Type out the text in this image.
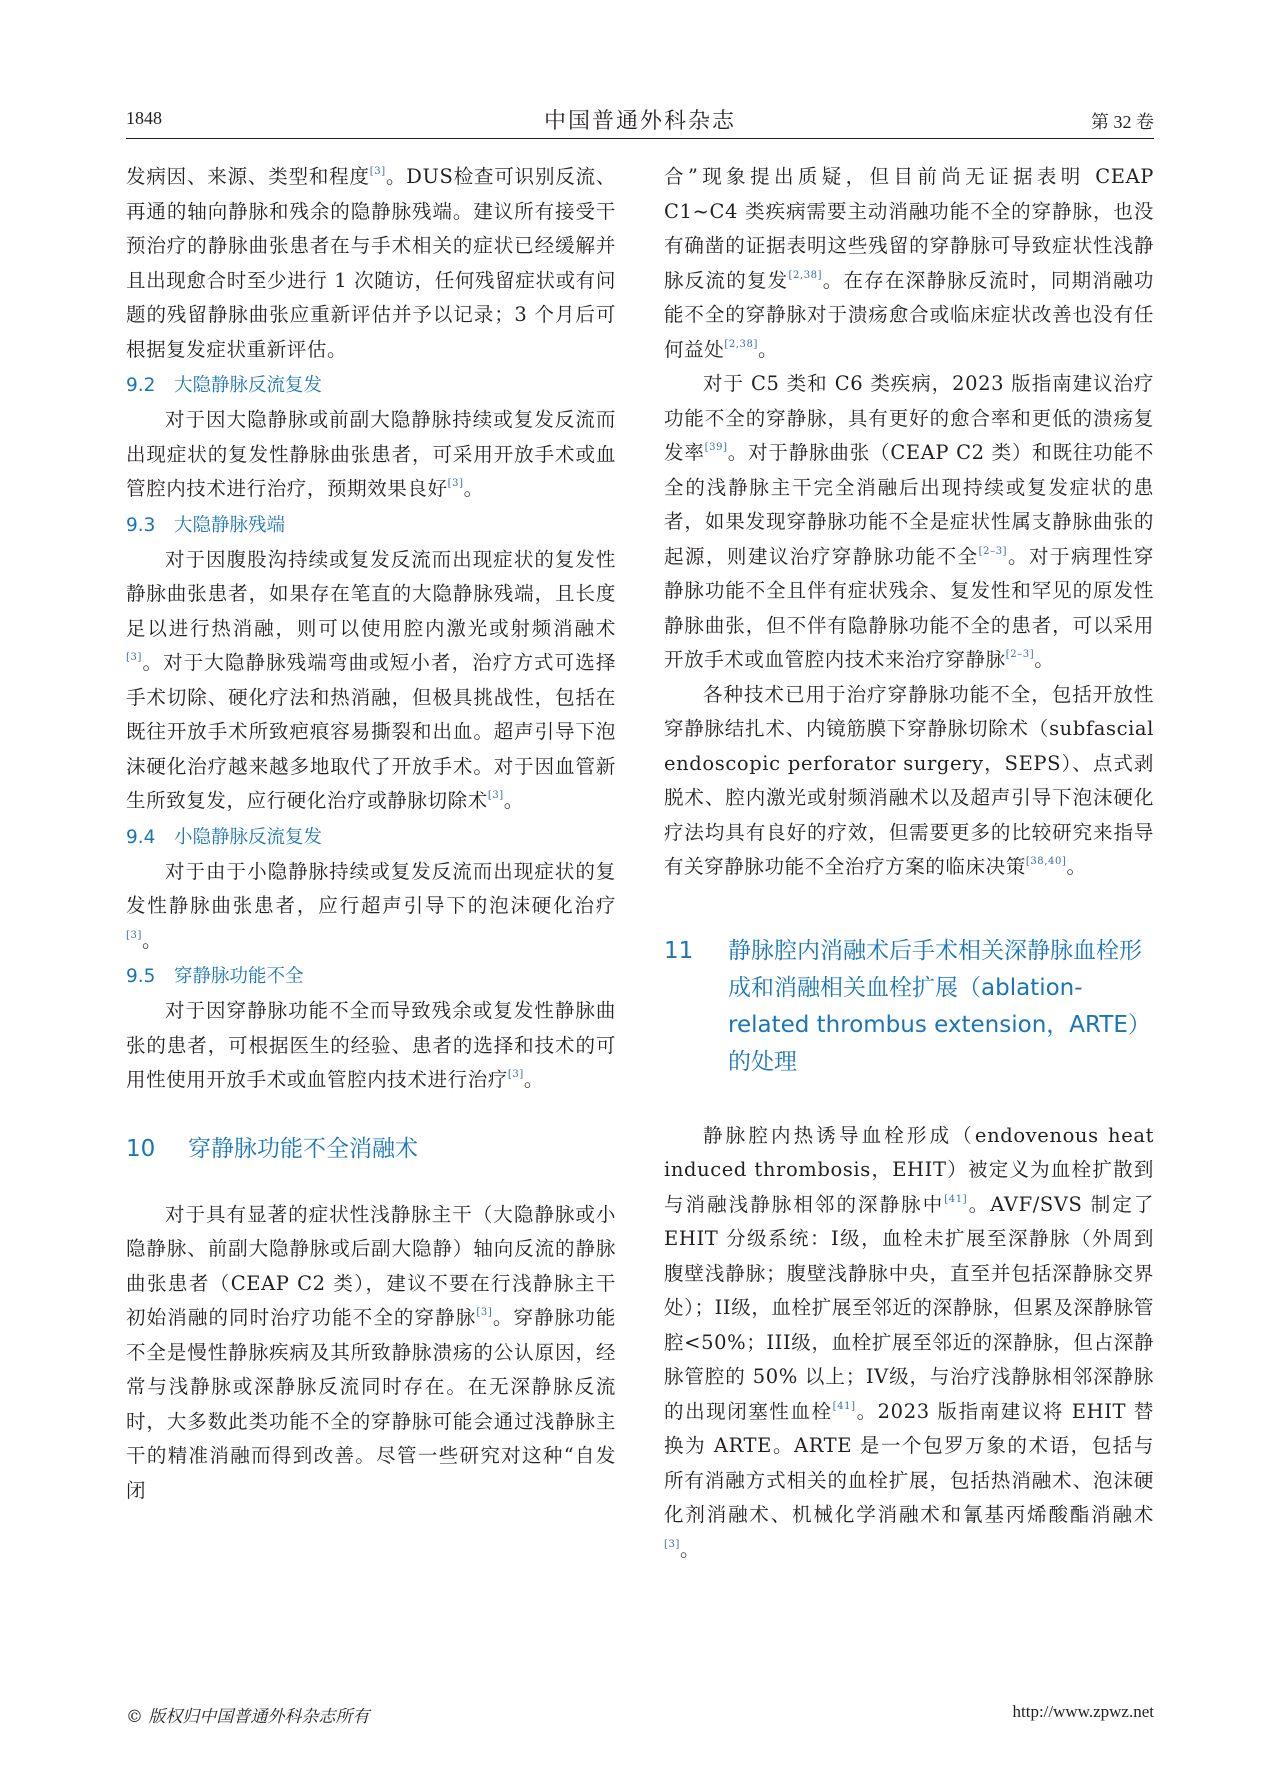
1848	中国普通外科杂志	第 32 卷

发病因、来源、类型和程度[3]。DUS检查可识别反流、再通的轴向静脉和残余的隐静脉残端。建议所有接受干预治疗的静脉曲张患者在与手术相关的症状已经缓解并且出现愈合时至少进行 1 次随访，任何残留症状或有问题的残留静脉曲张应重新评估并予以记录；3 个月后可根据复发症状重新评估。

9.2 大隐静脉反流复发

对于因大隐静脉或前副大隐静脉持续或复发反流而出现症状的复发性静脉曲张患者，可采用开放手术或血管腔内技术进行治疗，预期效果良好[3]。

9.3 大隐静脉残端

对于因腹股沟持续或复发反流而出现症状的复发性静脉曲张患者，如果存在笔直的大隐静脉残端，且长度足以进行热消融，则可以使用腔内激光或射频消融术[3]。对于大隐静脉残端弯曲或短小者，治疗方式可选择手术切除、硬化疗法和热消融，但极具挑战性，包括在既往开放手术所致疤痕容易撕裂和出血。超声引导下泡沫硬化治疗越来越多地取代了开放手术。对于因血管新生所致复发，应行硬化治疗或静脉切除术[3]。

9.4 小隐静脉反流复发

对于由于小隐静脉持续或复发反流而出现症状的复发性静脉曲张患者，应行超声引导下的泡沫硬化治疗[3]。

9.5 穿静脉功能不全

对于因穿静脉功能不全而导致残余或复发性静脉曲张的患者，可根据医生的经验、患者的选择和技术的可用性使用开放手术或血管腔内技术进行治疗[3]。

10 穿静脉功能不全消融术

对于具有显著的症状性浅静脉主干（大隐静脉或小隐静脉、前副大隐静脉或后副大隐静）轴向反流的静脉曲张患者（CEAP C2 类），建议不要在行浅静脉主干初始消融的同时治疗功能不全的穿静脉[3]。穿静脉功能不全是慢性静脉疾病及其所致静脉溃疡的公认原因，经常与浅静脉或深静脉反流同时存在。在无深静脉反流时，大多数此类功能不全的穿静脉可能会通过浅静脉主干的精准消融而得到改善。尽管一些研究对这种“自发闭

合”现象提出质疑，但目前尚无证据表明 CEAP C1~C4 类疾病需要主动消融功能不全的穿静脉，也没有确凿的证据表明这些残留的穿静脉可导致症状性浅静脉反流的复发[2,38]。在存在深静脉反流时，同期消融功能不全的穿静脉对于溃疡愈合或临床症状改善也没有任何益处[2,38]。

对于 C5 类和 C6 类疾病，2023 版指南建议治疗功能不全的穿静脉，具有更好的愈合率和更低的溃疡复发率[39]。对于静脉曲张（CEAP C2 类）和既往功能不全的浅静脉主干完全消融后出现持续或复发症状的患者，如果发现穿静脉功能不全是症状性属支静脉曲张的起源，则建议治疗穿静脉功能不全[2–3]。对于病理性穿静脉功能不全且伴有症状残余、复发性和罕见的原发性静脉曲张，但不伴有隐静脉功能不全的患者，可以采用开放手术或血管腔内技术来治疗穿静脉[2–3]。

各种技术已用于治疗穿静脉功能不全，包括开放性穿静脉结扎术、内镜筋膜下穿静脉切除术（subfascial endoscopic perforator surgery，SEPS）、点式剥脱术、腔内激光或射频消融术以及超声引导下泡沫硬化疗法均具有良好的疗效，但需要更多的比较研究来指导有关穿静脉功能不全治疗方案的临床决策[38,40]。

11 静脉腔内消融术后手术相关深静脉血栓形成和消融相关血栓扩展（ablation-related thrombus extension，ARTE）的处理

静脉腔内热诱导血栓形成（endovenous heat induced thrombosis，EHIT）被定义为血栓扩散到与消融浅静脉相邻的深静脉中[41]。AVF/SVS 制定了 EHIT 分级系统：I级，血栓未扩展至深静脉（外周到腹壁浅静脉；腹壁浅静脉中央，直至并包括深静脉交界处）；II级，血栓扩展至邻近的深静脉，但累及深静脉管腔<50%；III级，血栓扩展至邻近的深静脉，但占深静脉管腔的 50% 以上；IV级，与治疗浅静脉相邻深静脉的出现闭塞性血栓[41]。2023 版指南建议将 EHIT 替换为 ARTE。ARTE 是一个包罗万象的术语，包括与所有消融方式相关的血栓扩展，包括热消融术、泡沫硬化剂消融术、机械化学消融术和氰基丙烯酸酯消融术[3]。

© 版权归中国普通外科杂志所有	http://www.zpwz.net
